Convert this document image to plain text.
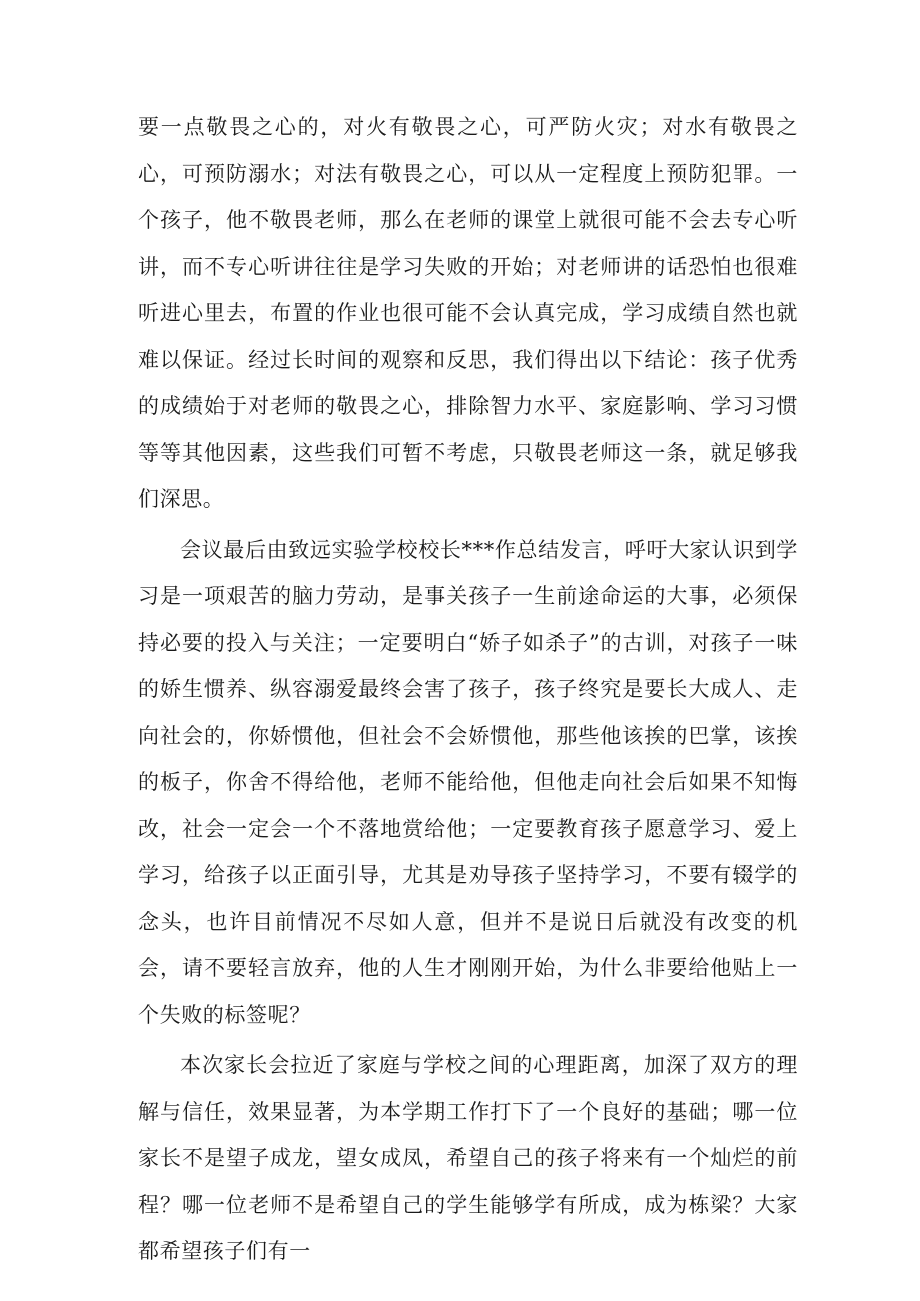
要一点敬畏之心的，对火有敬畏之心，可严防火灾；对水有敬畏之心，可预防溺水；对法有敬畏之心，可以从一定程度上预防犯罪。一个孩子，他不敬畏老师，那么在老师的课堂上就很可能不会去专心听讲，而不专心听讲往往是学习失败的开始；对老师讲的话恐怕也很难听进心里去，布置的作业也很可能不会认真完成，学习成绩自然也就难以保证。经过长时间的观察和反思，我们得出以下结论：孩子优秀的成绩始于对老师的敬畏之心，排除智力水平、家庭影响、学习习惯等等其他因素，这些我们可暂不考虑，只敬畏老师这一条，就足够我们深思。

会议最后由致远实验学校校长***作总结发言，呼吁大家认识到学习是一项艰苦的脑力劳动，是事关孩子一生前途命运的大事，必须保持必要的投入与关注；一定要明白“娇子如杀子”的古训，对孩子一味的娇生惯养、纵容溺爱最终会害了孩子，孩子终究是要长大成人、走向社会的，你娇惯他，但社会不会娇惯他，那些他该挨的巴掌，该挨的板子，你舍不得给他，老师不能给他，但他走向社会后如果不知悔改，社会一定会一个不落地赏给他；一定要教育孩子愿意学习、爱上学习，给孩子以正面引导，尤其是劝导孩子坚持学习，不要有辍学的念头，也许目前情况不尽如人意，但并不是说日后就没有改变的机会，请不要轻言放弃，他的人生才刚刚开始，为什么非要给他贴上一个失败的标签呢？

本次家长会拉近了家庭与学校之间的心理距离，加深了双方的理解与信任，效果显著，为本学期工作打下了一个良好的基础；哪一位家长不是望子成龙，望女成凤，希望自己的孩子将来有一个灿烂的前程？哪一位老师不是希望自己的学生能够学有所成，成为栋梁？大家都希望孩子们有一
